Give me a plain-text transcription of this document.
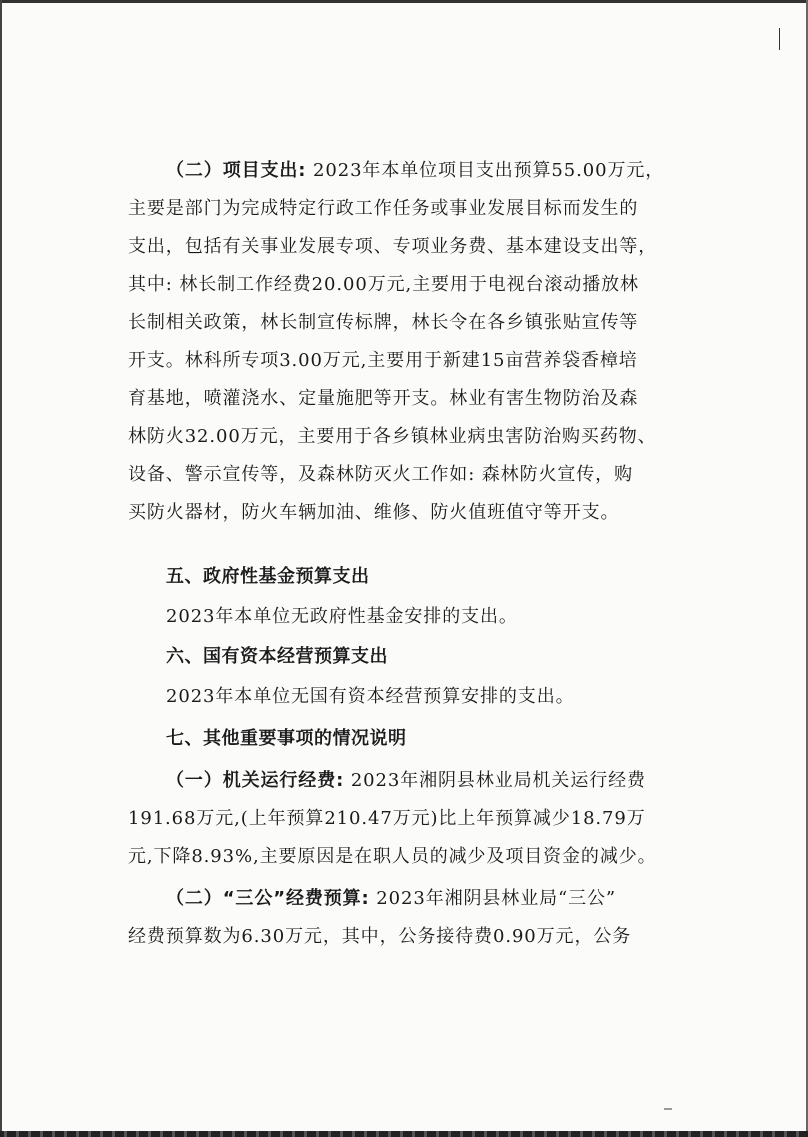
（二）项目支出: 2023年本单位项目支出预算55.00万元，
主要是部门为完成特定行政工作任务或事业发展目标而发生的
支出，包括有关事业发展专项、专项业务费、基本建设支出等，
其中: 林长制工作经费20.00万元,主要用于电视台滚动播放林
长制相关政策，林长制宣传标牌，林长令在各乡镇张贴宣传等
开支。林科所专项3.00万元,主要用于新建15亩营养袋香樟培
育基地，喷灌浇水、定量施肥等开支。林业有害生物防治及森
林防火32.00万元，主要用于各乡镇林业病虫害防治购买药物、
设备、警示宣传等，及森林防灭火工作如: 森林防火宣传，购
买防火器材，防火车辆加油、维修、防火值班值守等开支。
五、政府性基金预算支出
2023年本单位无政府性基金安排的支出。
六、国有资本经营预算支出
2023年本单位无国有资本经营预算安排的支出。
七、其他重要事项的情况说明
（一）机关运行经费: 2023年湘阴县林业局机关运行经费
191.68万元,(上年预算210.47万元)比上年预算减少18.79万
元,下降8.93%,主要原因是在职人员的减少及项目资金的减少。
（二）“三公”经费预算: 2023年湘阴县林业局“三公”
经费预算数为6.30万元，其中，公务接待费0.90万元，公务
